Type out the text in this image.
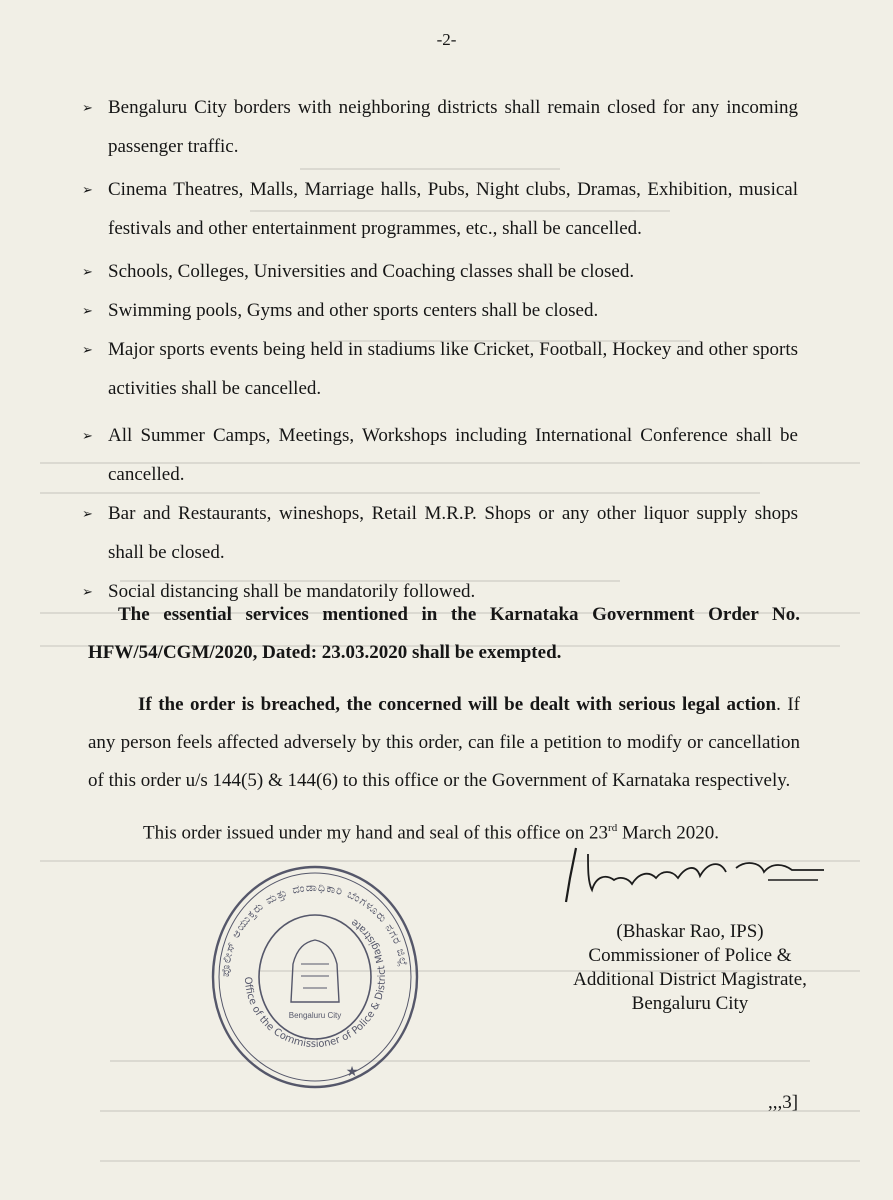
-2-
➢ Bengaluru City borders with neighboring districts shall remain closed for any incoming passenger traffic.
➢ Cinema Theatres, Malls, Marriage halls, Pubs, Night clubs, Dramas, Exhibition, musical festivals and other entertainment programmes, etc., shall be cancelled.
➢ Schools, Colleges, Universities and Coaching classes shall be closed.
➢ Swimming pools, Gyms and other sports centers shall be closed.
➢ Major sports events being held in stadiums like Cricket, Football, Hockey and other sports activities shall be cancelled.
➢ All Summer Camps, Meetings, Workshops including International Conference shall be cancelled.
➢ Bar and Restaurants, wineshops, Retail M.R.P. Shops or any other liquor supply shops shall be closed.
➢ Social distancing shall be mandatorily followed.
The essential services mentioned in the Karnataka Government Order No. HFW/54/CGM/2020, Dated: 23.03.2020 shall be exempted.
If the order is breached, the concerned will be dealt with serious legal action. If any person feels affected adversely by this order, can file a petition to modify or cancellation of this order u/s 144(5) & 144(6) to this office or the Government of Karnataka respectively.
This order issued under my hand and seal of this office on 23rd March 2020.
(Bhaskar Rao, IPS)
Commissioner of Police &
Additional District Magistrate,
Bengaluru City
ಪೊಲೀಸ್ ಆಯುಕ್ತರು ಮತ್ತು ದಂಡಾಧಿಕಾರಿ ಬೆಂಗಳೂರು ನಗರ ಜಿಲ್ಲೆ
Office of the Commissioner of Police & District Magistrate
Bengaluru City
★
,,,3]
